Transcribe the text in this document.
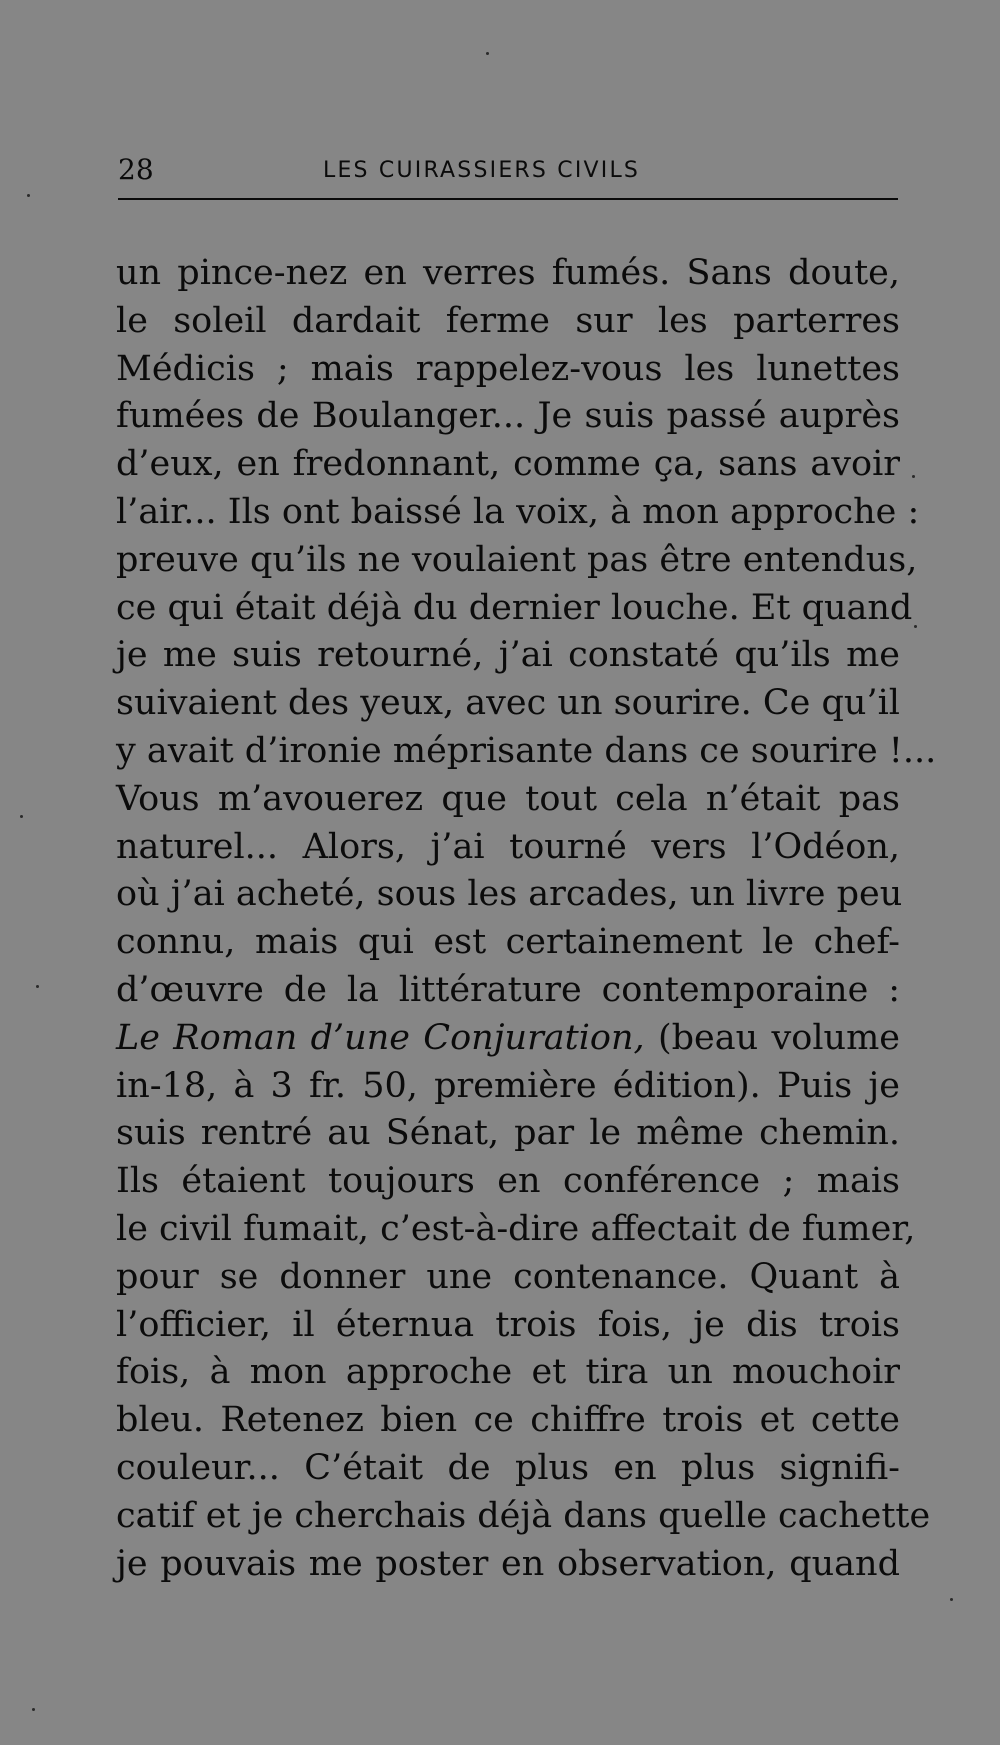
28	LES CUIRASSIERS CIVILS
un pince-nez en verres fumés. Sans doute,
le soleil dardait ferme sur les parterres
Médicis ; mais rappelez-vous les lunettes
fumées de Boulanger... Je suis passé auprès
d’eux, en fredonnant, comme ça, sans avoir
l’air... Ils ont baissé la voix, à mon approche :
preuve qu’ils ne voulaient pas être entendus,
ce qui était déjà du dernier louche. Et quand
je me suis retourné, j’ai constaté qu’ils me
suivaient des yeux, avec un sourire. Ce qu’il
y avait d’ironie méprisante dans ce sourire !...
Vous m’avouerez que tout cela n’était pas
naturel... Alors, j’ai tourné vers l’Odéon,
où j’ai acheté, sous les arcades, un livre peu
connu, mais qui est certainement le chef-
d’œuvre de la littérature contemporaine :
Le Roman d’une Conjuration, (beau volume
in-18, à 3 fr. 50, première édition). Puis je
suis rentré au Sénat, par le même chemin.
Ils étaient toujours en conférence ; mais
le civil fumait, c’est-à-dire affectait de fumer,
pour se donner une contenance. Quant à
l’officier, il éternua trois fois, je dis trois
fois, à mon approche et tira un mouchoir
bleu. Retenez bien ce chiffre trois et cette
couleur... C’était de plus en plus signifi-
catif et je cherchais déjà dans quelle cachette
je pouvais me poster en observation, quand
